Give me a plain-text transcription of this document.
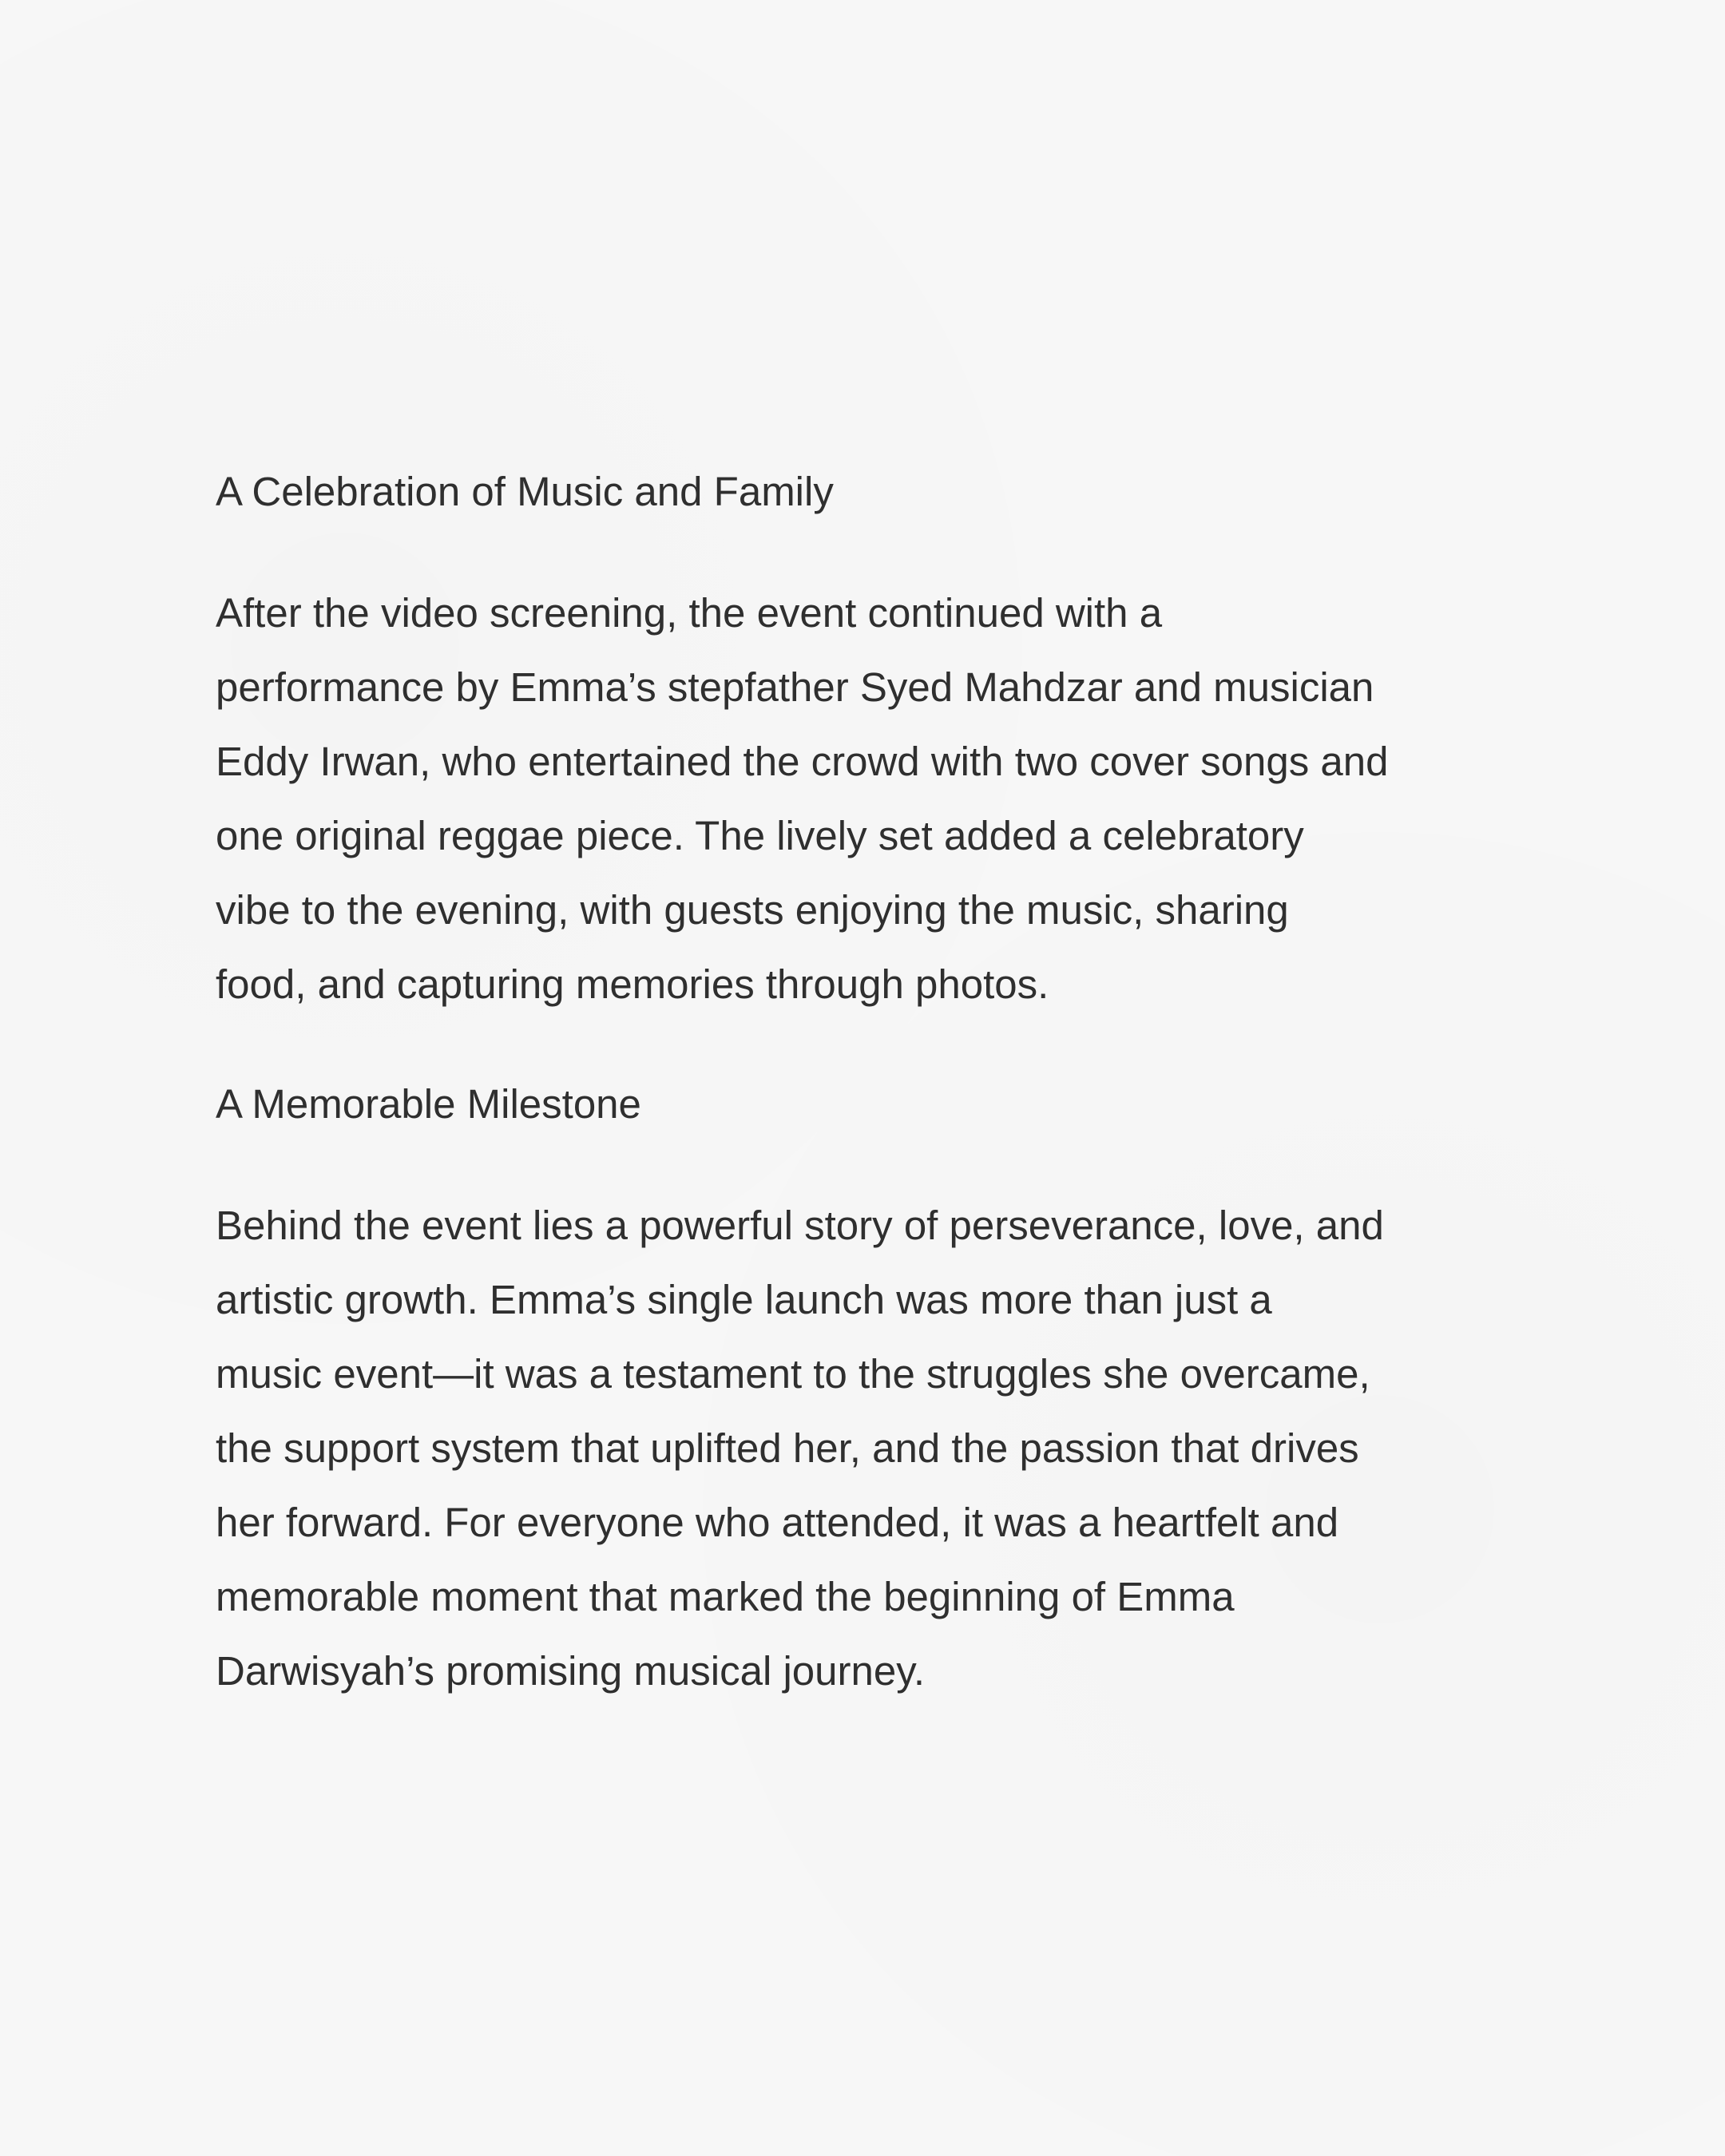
A Celebration of Music and Family

After the video screening, the event continued with a
performance by Emma’s stepfather Syed Mahdzar and musician
Eddy Irwan, who entertained the crowd with two cover songs and
one original reggae piece. The lively set added a celebratory
vibe to the evening, with guests enjoying the music, sharing
food, and capturing memories through photos.

A Memorable Milestone

Behind the event lies a powerful story of perseverance, love, and
artistic growth. Emma’s single launch was more than just a
music event—it was a testament to the struggles she overcame,
the support system that uplifted her, and the passion that drives
her forward. For everyone who attended, it was a heartfelt and
memorable moment that marked the beginning of Emma
Darwisyah’s promising musical journey.
